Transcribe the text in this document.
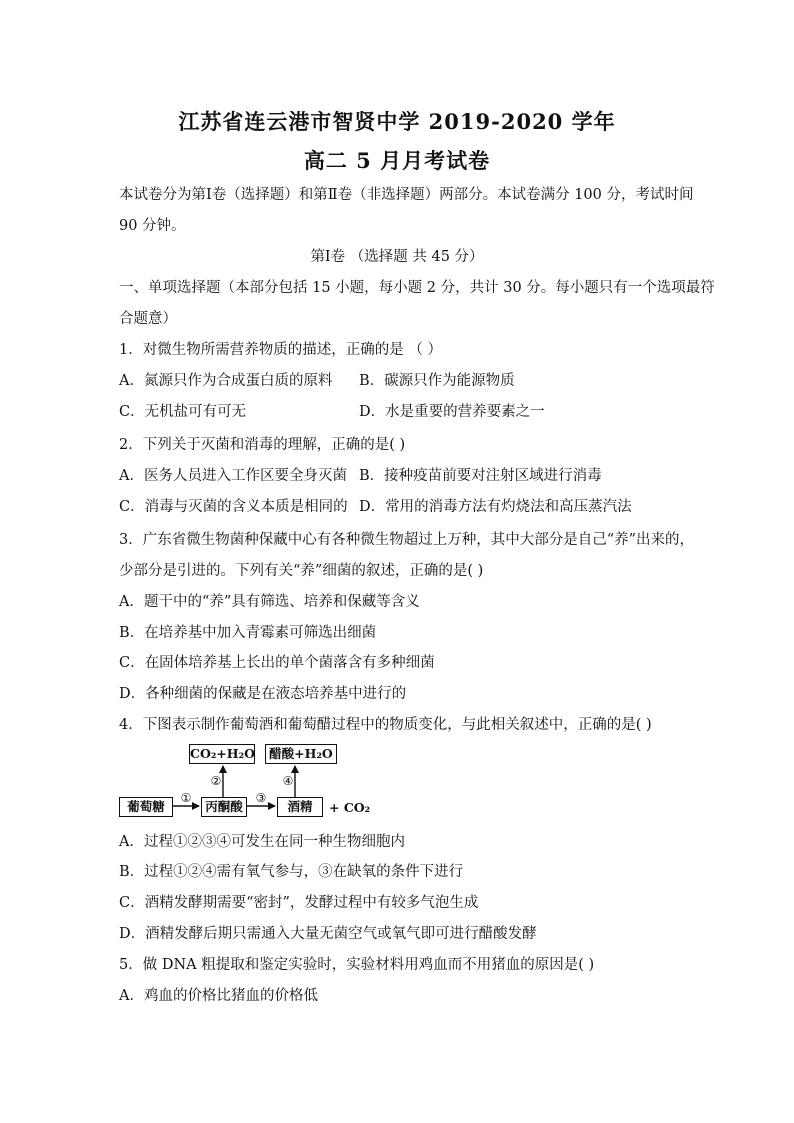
江苏省连云港市智贤中学 2019-2020 学年
高二 5 月月考试卷
本试卷分为第Ⅰ卷（选择题）和第Ⅱ卷（非选择题）两部分。本试卷满分 100 分，考试时间
90 分钟。
第Ⅰ卷 （选择题 共 45 分）
一、单项选择题（本部分包括 15 小题，每小题 2 分，共计 30 分。每小题只有一个选项最符
合题意）
1．对微生物所需营养物质的描述，正确的是 （ ）
A．氮源只作为合成蛋白质的原料 B．碳源只作为能源物质
C．无机盐可有可无	D．水是重要的营养要素之一
2．下列关于灭菌和消毒的理解，正确的是( )
A．医务人员进入工作区要全身灭菌 B．接种疫苗前要对注射区域进行消毒
C．消毒与灭菌的含义本质是相同的 D．常用的消毒方法有灼烧法和高压蒸汽法
3．广东省微生物菌种保藏中心有各种微生物超过上万种，其中大部分是自己“养”出来的，
少部分是引进的。下列有关“养”细菌的叙述，正确的是( )
A．题干中的“养”具有筛选、培养和保藏等含义
B．在培养基中加入青霉素可筛选出细菌
C．在固体培养基上长出的单个菌落含有多种细菌
D．各种细菌的保藏是在液态培养基中进行的
4．下图表示制作葡萄酒和葡萄醋过程中的物质变化，与此相关叙述中，正确的是( )
CO₂+H₂O	醋酸+H₂O
葡萄糖	丙酮酸	酒精	+ CO₂
①
②
③
④
A．过程①②③④可发生在同一种生物细胞内
B．过程①②④需有氧气参与，③在缺氧的条件下进行
C．酒精发酵期需要“密封”，发酵过程中有较多气泡生成
D．酒精发酵后期只需通入大量无菌空气或氧气即可进行醋酸发酵
5．做 DNA 粗提取和鉴定实验时，实验材料用鸡血而不用猪血的原因是( )
A．鸡血的价格比猪血的价格低
